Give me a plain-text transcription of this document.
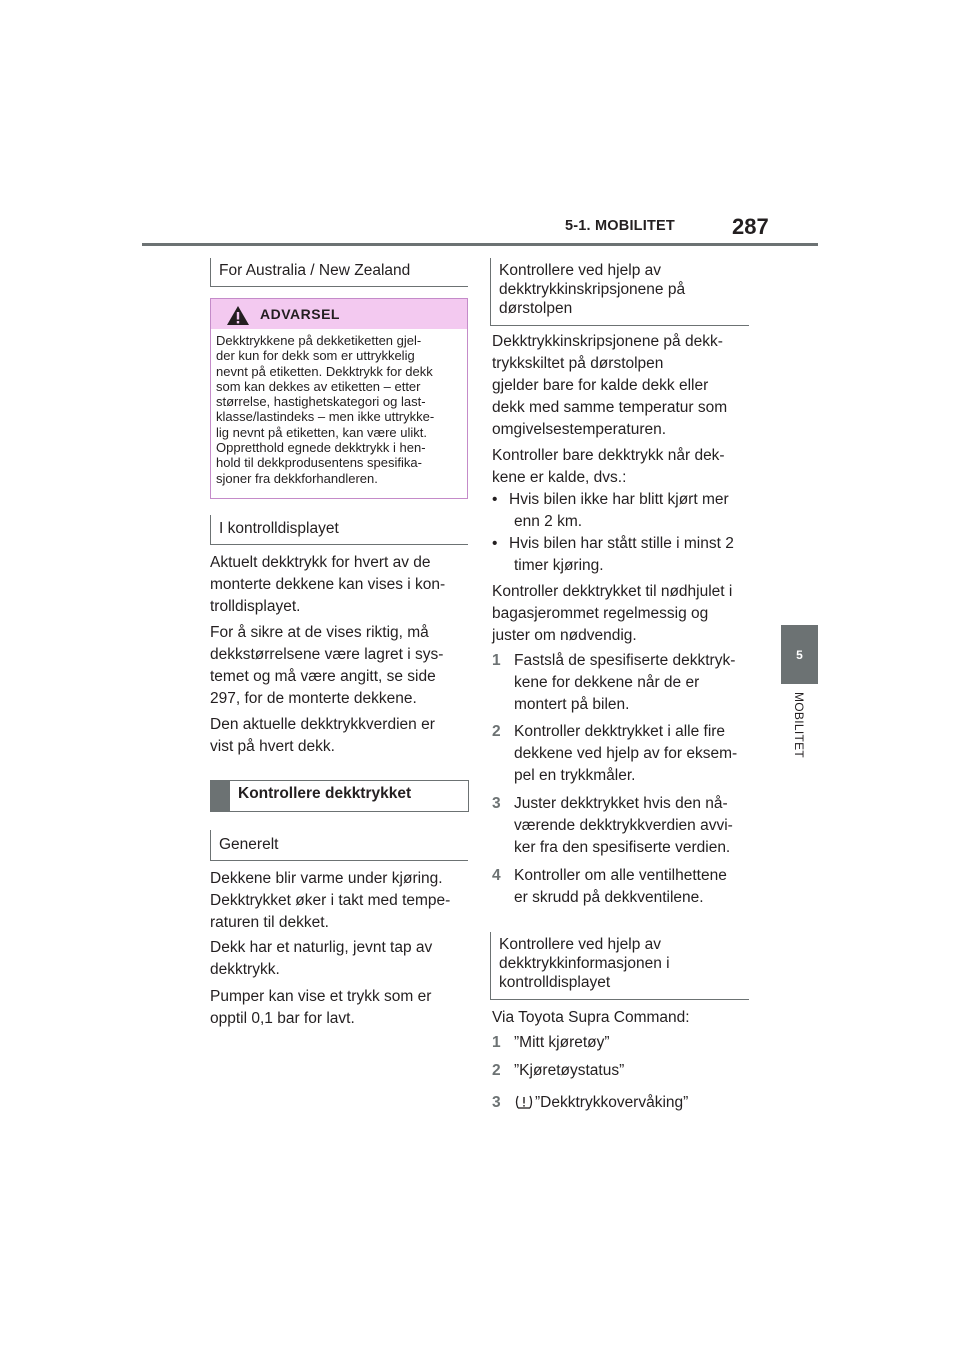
5-1. MOBILITET	287
5
MOBILITET
For Australia / New Zealand
ADVARSEL
Dekktrykkene på dekketiketten gjel-
der kun for dekk som er uttrykkelig
nevnt på etiketten. Dekktrykk for dekk
som kan dekkes av etiketten – etter
størrelse, hastighetskategori og last-
klasse/lastindeks – men ikke uttrykke-
lig nevnt på etiketten, kan være ulikt.
Oppretthold egnede dekktrykk i hen-
hold til dekkprodusentens spesifika-
sjoner fra dekkforhandleren.
I kontrolldisplayet
Aktuelt dekktrykk for hvert av de
monterte dekkene kan vises i kon-
trolldisplayet.
For å sikre at de vises riktig, må
dekkstørrelsene være lagret i sys-
temet og må være angitt, se side
297, for de monterte dekkene.
Den aktuelle dekktrykkverdien er
vist på hvert dekk.
Kontrollere dekktrykket
Generelt
Dekkene blir varme under kjøring.
Dekktrykket øker i takt med tempe-
raturen til dekket.
Dekk har et naturlig, jevnt tap av
dekktrykk.
Pumper kan vise et trykk som er
opptil 0,1 bar for lavt.
Kontrollere ved hjelp av
dekktrykkinskripsjonene på
dørstolpen
Dekktrykkinskripsjonene på dekk-
trykkskiltet på dørstolpen
gjelder bare for kalde dekk eller
dekk med samme temperatur som
omgivelsestemperaturen.
Kontroller bare dekktrykk når dek-
kene er kalde, dvs.:
• Hvis bilen ikke har blitt kjørt mer
enn 2 km.
• Hvis bilen har stått stille i minst 2
timer kjøring.
Kontroller dekktrykket til nødhjulet i
bagasjerommet regelmessig og
juster om nødvendig.
1 Fastslå de spesifiserte dekktryk-
kene for dekkene når de er
montert på bilen.
2 Kontroller dekktrykket i alle fire
dekkene ved hjelp av for eksem-
pel en trykkmåler.
3 Juster dekktrykket hvis den nå-
værende dekktrykkverdien avvi-
ker fra den spesifiserte verdien.
4 Kontroller om alle ventilhettene
er skrudd på dekkventilene.
Kontrollere ved hjelp av
dekktrykkinformasjonen i
kontrolldisplayet
Via Toyota Supra Command:
1 ”Mitt kjøretøy”
2 ”Kjøretøystatus”
3 ”Dekktrykkovervåking”
